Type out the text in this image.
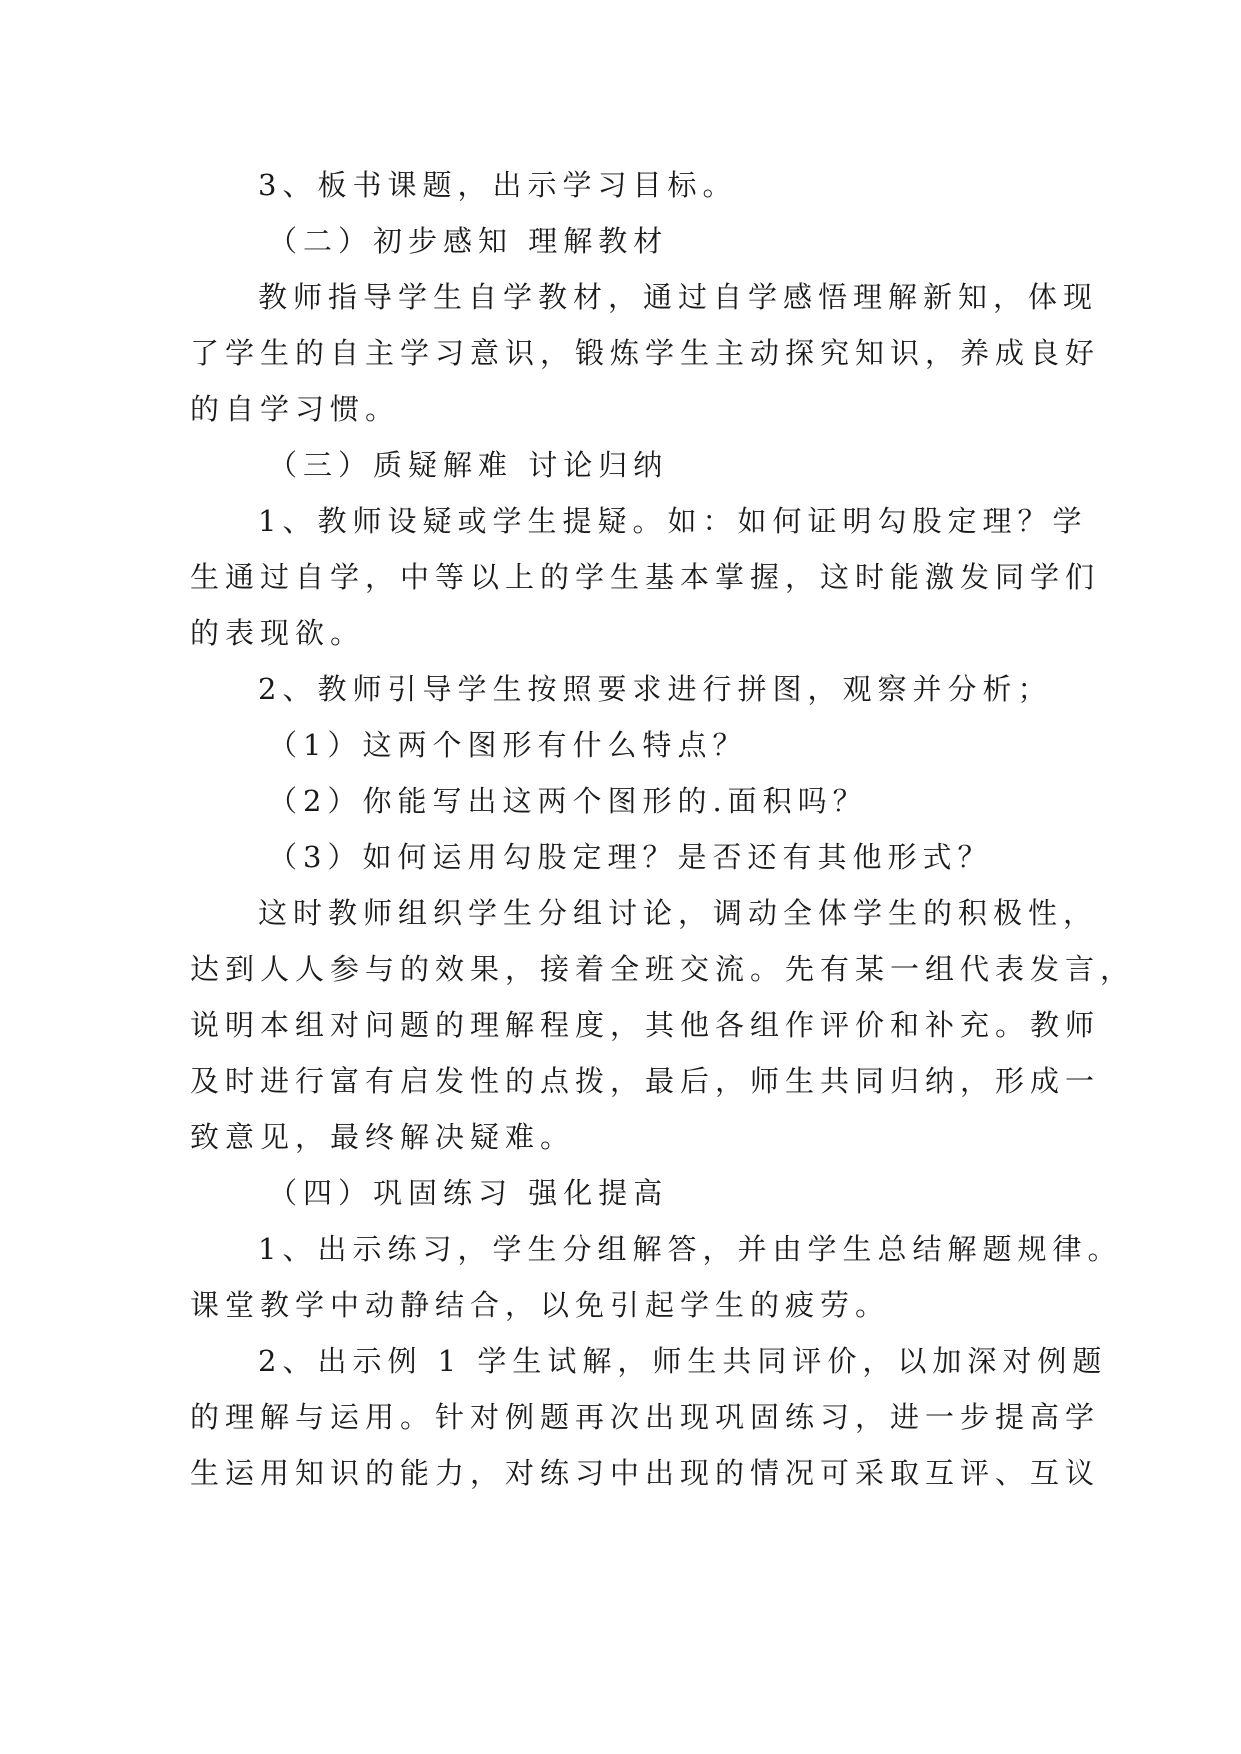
3、板书课题，出示学习目标。
（二）初步感知 理解教材
教师指导学生自学教材，通过自学感悟理解新知，体现
了学生的自主学习意识，锻炼学生主动探究知识，养成良好
的自学习惯。
（三）质疑解难 讨论归纳
1、教师设疑或学生提疑。如：如何证明勾股定理？学
生通过自学，中等以上的学生基本掌握，这时能激发同学们
的表现欲。
2、教师引导学生按照要求进行拼图，观察并分析；
（1）这两个图形有什么特点？
（2）你能写出这两个图形的.面积吗？
（3）如何运用勾股定理？是否还有其他形式？
这时教师组织学生分组讨论，调动全体学生的积极性，
达到人人参与的效果，接着全班交流。先有某一组代表发言，
说明本组对问题的理解程度，其他各组作评价和补充。教师
及时进行富有启发性的点拨，最后，师生共同归纳，形成一
致意见，最终解决疑难。
（四）巩固练习 强化提高
1、出示练习，学生分组解答，并由学生总结解题规律。
课堂教学中动静结合，以免引起学生的疲劳。
2、出示例 1 学生试解，师生共同评价，以加深对例题
的理解与运用。针对例题再次出现巩固练习，进一步提高学
生运用知识的能力，对练习中出现的情况可采取互评、互议
